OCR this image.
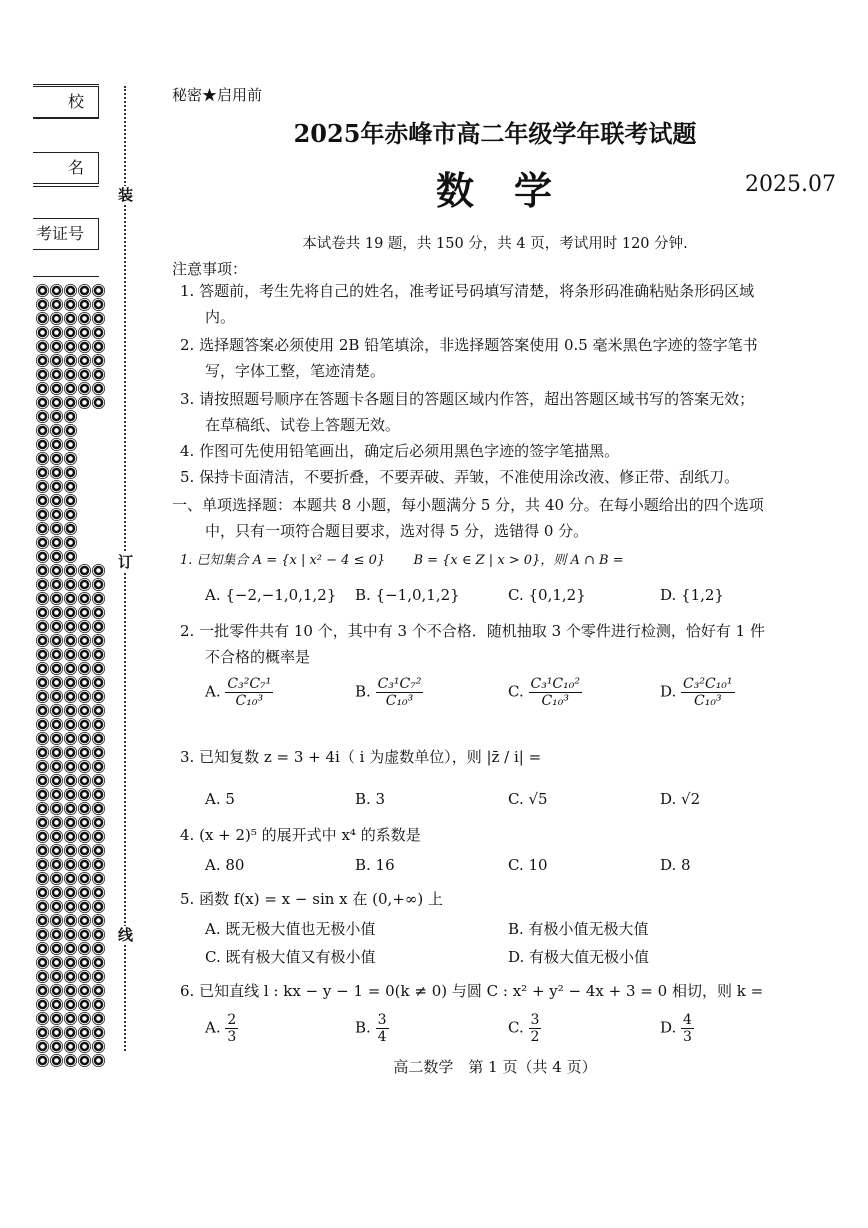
校
名
考证号
装
订
线
秘密★启用前
2025年赤峰市高二年级学年联考试题
数学	2025.07
本试卷共 19 题，共 150 分，共 4 页，考试用时 120 分钟.
注意事项：
1. 答题前，考生先将自己的姓名，准考证号码填写清楚，将条形码准确粘贴条形码区域
内。
2. 选择题答案必须使用 2B 铅笔填涂，非选择题答案使用 0.5 毫米黑色字迹的签字笔书
写，字体工整，笔迹清楚。
3. 请按照题号顺序在答题卡各题目的答题区域内作答，超出答题区域书写的答案无效；
在草稿纸、试卷上答题无效。
4. 作图可先使用铅笔画出，确定后必须用黑色字迹的签字笔描黑。
5. 保持卡面清洁，不要折叠，不要弄破、弄皱，不准使用涂改液、修正带、刮纸刀。
一、单项选择题：本题共 8 小题，每小题满分 5 分，共 40 分。在每小题给出的四个选项
中，只有一项符合题目要求，选对得 5 分，选错得 0 分。
1. 已知集合 A = {x | x² − 4 ≤ 0} B = {x ∈ Z | x > 0}，则 A ∩ B =
A. {−2,−1,0,1,2} B. {−1,0,1,2}	C. {0,1,2}	D. {1,2}
2. 一批零件共有 10 个，其中有 3 个不合格．随机抽取 3 个零件进行检测，恰好有 1 件
不合格的概率是
A. $\frac{\text{C₃²C₇¹}}{\text{C₁₀³}}$	B. $\frac{\text{C₃¹C₇²}}{\text{C₁₀³}}$	C. $\frac{\text{C₃¹C₁₀²}}{\text{C₁₀³}}$	D. $\frac{\text{C₃²C₁₀¹}}{\text{C₁₀³}}$
3. 已知复数 z = 3 + 4i（ i 为虚数单位），则 |z̄ / i| =
A. 5	B. 3	C. √5	D. √2
4. (x + 2)⁵ 的展开式中 x⁴ 的系数是
A. 80	B. 16	C. 10	D. 8
5. 函数 f(x) = x − sin x 在 (0,+∞) 上
A. 既无极大值也无极小值	B. 有极小值无极大值
C. 既有极大值又有极小值	D. 有极大值无极小值
6. 已知直线 l : kx − y − 1 = 0(k ≠ 0) 与圆 C : x² + y² − 4x + 3 = 0 相切，则 k =
A. $\frac{2}{3}$	B. $\frac{3}{4}$	C. $\frac{3}{2}$	D. $\frac{4}{3}$
高二数学　第 1 页（共 4 页）
